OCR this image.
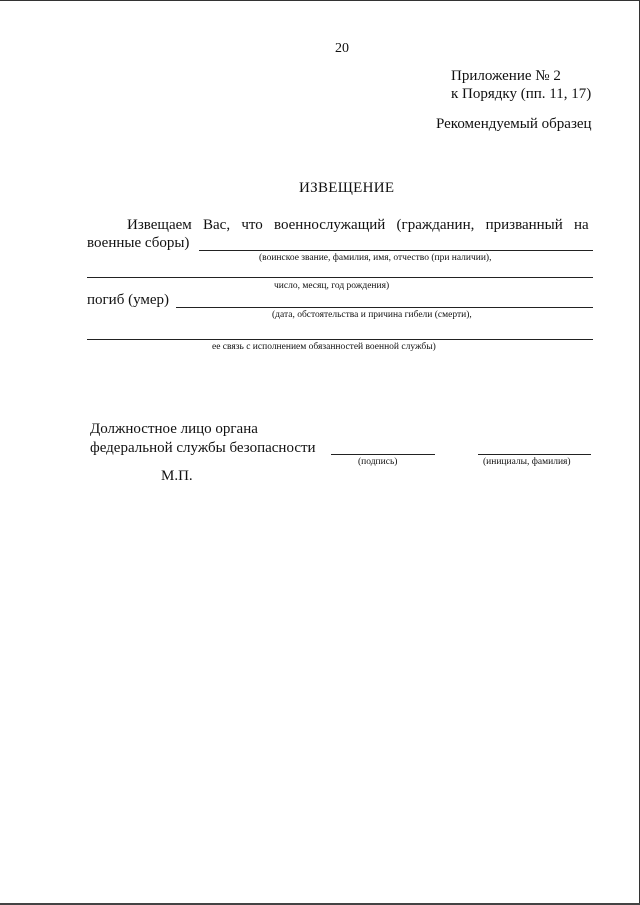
20
Приложение № 2
к Порядку (пп. 11, 17)
Рекомендуемый образец
ИЗВЕЩЕНИЕ
Извещаем   Вас,   что   военнослужащий   (гражданин,   призванный   на
военные сборы)
(воинское звание, фамилия, имя, отчество (при наличии),
число, месяц, год рождения)
погиб (умер)
(дата, обстоятельства и причина гибели (смерти),
ее связь с исполнением обязанностей военной службы)
Должностное лицо органа
федеральной службы безопасности
(подпись)	(инициалы, фамилия)
М.П.
